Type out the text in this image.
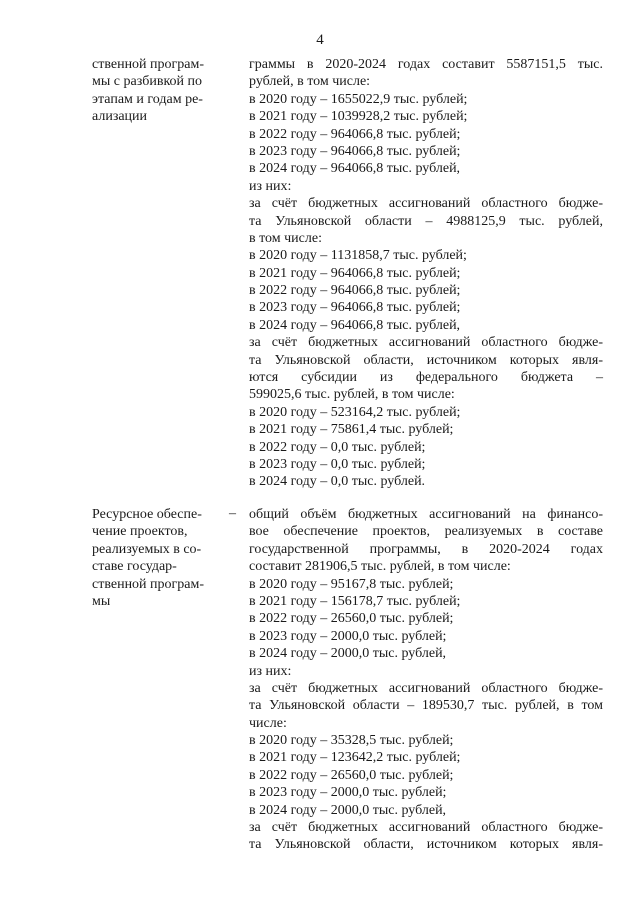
4
ственной програм-
мы с разбивкой по
этапам и годам ре-
ализации
граммы в 2020-2024 годах составит 5587151,5 тыс.
рублей, в том числе:
в 2020 году – 1655022,9 тыс. рублей;
в 2021 году – 1039928,2 тыс. рублей;
в 2022 году – 964066,8 тыс. рублей;
в 2023 году – 964066,8 тыс. рублей;
в 2024 году – 964066,8 тыс. рублей,
из них:
за счёт бюджетных ассигнований областного бюдже-
та Ульяновской области – 4988125,9 тыс. рублей,
в том числе:
в 2020 году – 1131858,7 тыс. рублей;
в 2021 году – 964066,8 тыс. рублей;
в 2022 году – 964066,8 тыс. рублей;
в 2023 году – 964066,8 тыс. рублей;
в 2024 году – 964066,8 тыс. рублей,
за счёт бюджетных ассигнований областного бюдже-
та Ульяновской области, источником которых явля-
ются субсидии из федерального бюджета –
599025,6 тыс. рублей, в том числе:
в 2020 году – 523164,2 тыс. рублей;
в 2021 году – 75861,4 тыс. рублей;
в 2022 году – 0,0 тыс. рублей;
в 2023 году – 0,0 тыс. рублей;
в 2024 году – 0,0 тыс. рублей.
Ресурсное обеспе-
чение проектов,
реализуемых в со-
ставе государ-
ственной програм-
мы
– общий объём бюджетных ассигнований на финансо-
вое обеспечение проектов, реализуемых в составе
государственной программы, в 2020-2024 годах
составит 281906,5 тыс. рублей, в том числе:
в 2020 году – 95167,8 тыс. рублей;
в 2021 году – 156178,7 тыс. рублей;
в 2022 году – 26560,0 тыс. рублей;
в 2023 году – 2000,0 тыс. рублей;
в 2024 году – 2000,0 тыс. рублей,
из них:
за счёт бюджетных ассигнований областного бюдже-
та Ульяновской области – 189530,7 тыс. рублей, в том
числе:
в 2020 году – 35328,5 тыс. рублей;
в 2021 году – 123642,2 тыс. рублей;
в 2022 году – 26560,0 тыс. рублей;
в 2023 году – 2000,0 тыс. рублей;
в 2024 году – 2000,0 тыс. рублей,
за счёт бюджетных ассигнований областного бюдже-
та Ульяновской области, источником которых явля-
